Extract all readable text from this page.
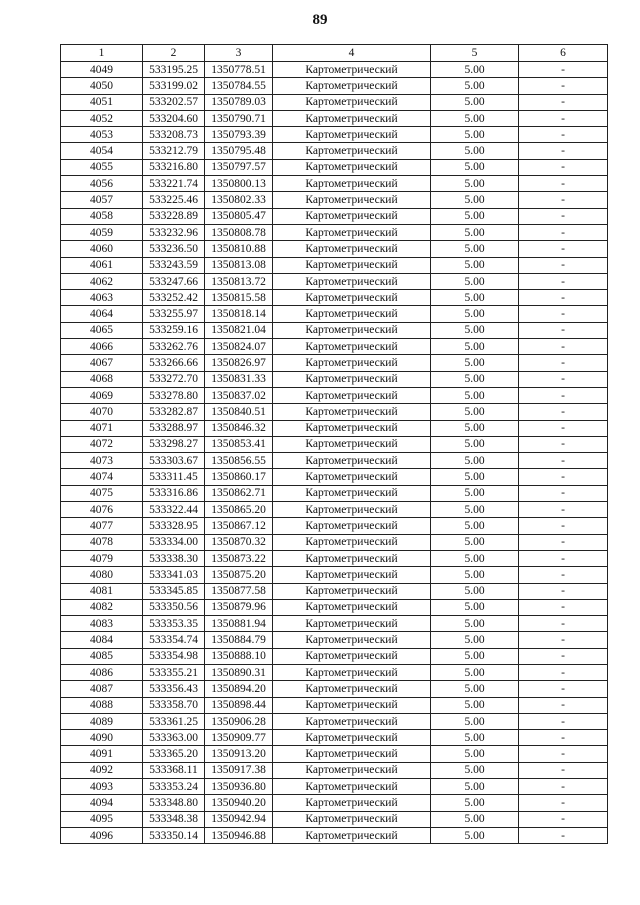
89
1	2	3	4	5	6
4049	533195.25	1350778.51	Картометрический	5.00	-
4050	533199.02	1350784.55	Картометрический	5.00	-
4051	533202.57	1350789.03	Картометрический	5.00	-
4052	533204.60	1350790.71	Картометрический	5.00	-
4053	533208.73	1350793.39	Картометрический	5.00	-
4054	533212.79	1350795.48	Картометрический	5.00	-
4055	533216.80	1350797.57	Картометрический	5.00	-
4056	533221.74	1350800.13	Картометрический	5.00	-
4057	533225.46	1350802.33	Картометрический	5.00	-
4058	533228.89	1350805.47	Картометрический	5.00	-
4059	533232.96	1350808.78	Картометрический	5.00	-
4060	533236.50	1350810.88	Картометрический	5.00	-
4061	533243.59	1350813.08	Картометрический	5.00	-
4062	533247.66	1350813.72	Картометрический	5.00	-
4063	533252.42	1350815.58	Картометрический	5.00	-
4064	533255.97	1350818.14	Картометрический	5.00	-
4065	533259.16	1350821.04	Картометрический	5.00	-
4066	533262.76	1350824.07	Картометрический	5.00	-
4067	533266.66	1350826.97	Картометрический	5.00	-
4068	533272.70	1350831.33	Картометрический	5.00	-
4069	533278.80	1350837.02	Картометрический	5.00	-
4070	533282.87	1350840.51	Картометрический	5.00	-
4071	533288.97	1350846.32	Картометрический	5.00	-
4072	533298.27	1350853.41	Картометрический	5.00	-
4073	533303.67	1350856.55	Картометрический	5.00	-
4074	533311.45	1350860.17	Картометрический	5.00	-
4075	533316.86	1350862.71	Картометрический	5.00	-
4076	533322.44	1350865.20	Картометрический	5.00	-
4077	533328.95	1350867.12	Картометрический	5.00	-
4078	533334.00	1350870.32	Картометрический	5.00	-
4079	533338.30	1350873.22	Картометрический	5.00	-
4080	533341.03	1350875.20	Картометрический	5.00	-
4081	533345.85	1350877.58	Картометрический	5.00	-
4082	533350.56	1350879.96	Картометрический	5.00	-
4083	533353.35	1350881.94	Картометрический	5.00	-
4084	533354.74	1350884.79	Картометрический	5.00	-
4085	533354.98	1350888.10	Картометрический	5.00	-
4086	533355.21	1350890.31	Картометрический	5.00	-
4087	533356.43	1350894.20	Картометрический	5.00	-
4088	533358.70	1350898.44	Картометрический	5.00	-
4089	533361.25	1350906.28	Картометрический	5.00	-
4090	533363.00	1350909.77	Картометрический	5.00	-
4091	533365.20	1350913.20	Картометрический	5.00	-
4092	533368.11	1350917.38	Картометрический	5.00	-
4093	533353.24	1350936.80	Картометрический	5.00	-
4094	533348.80	1350940.20	Картометрический	5.00	-
4095	533348.38	1350942.94	Картометрический	5.00	-
4096	533350.14	1350946.88	Картометрический	5.00	-
